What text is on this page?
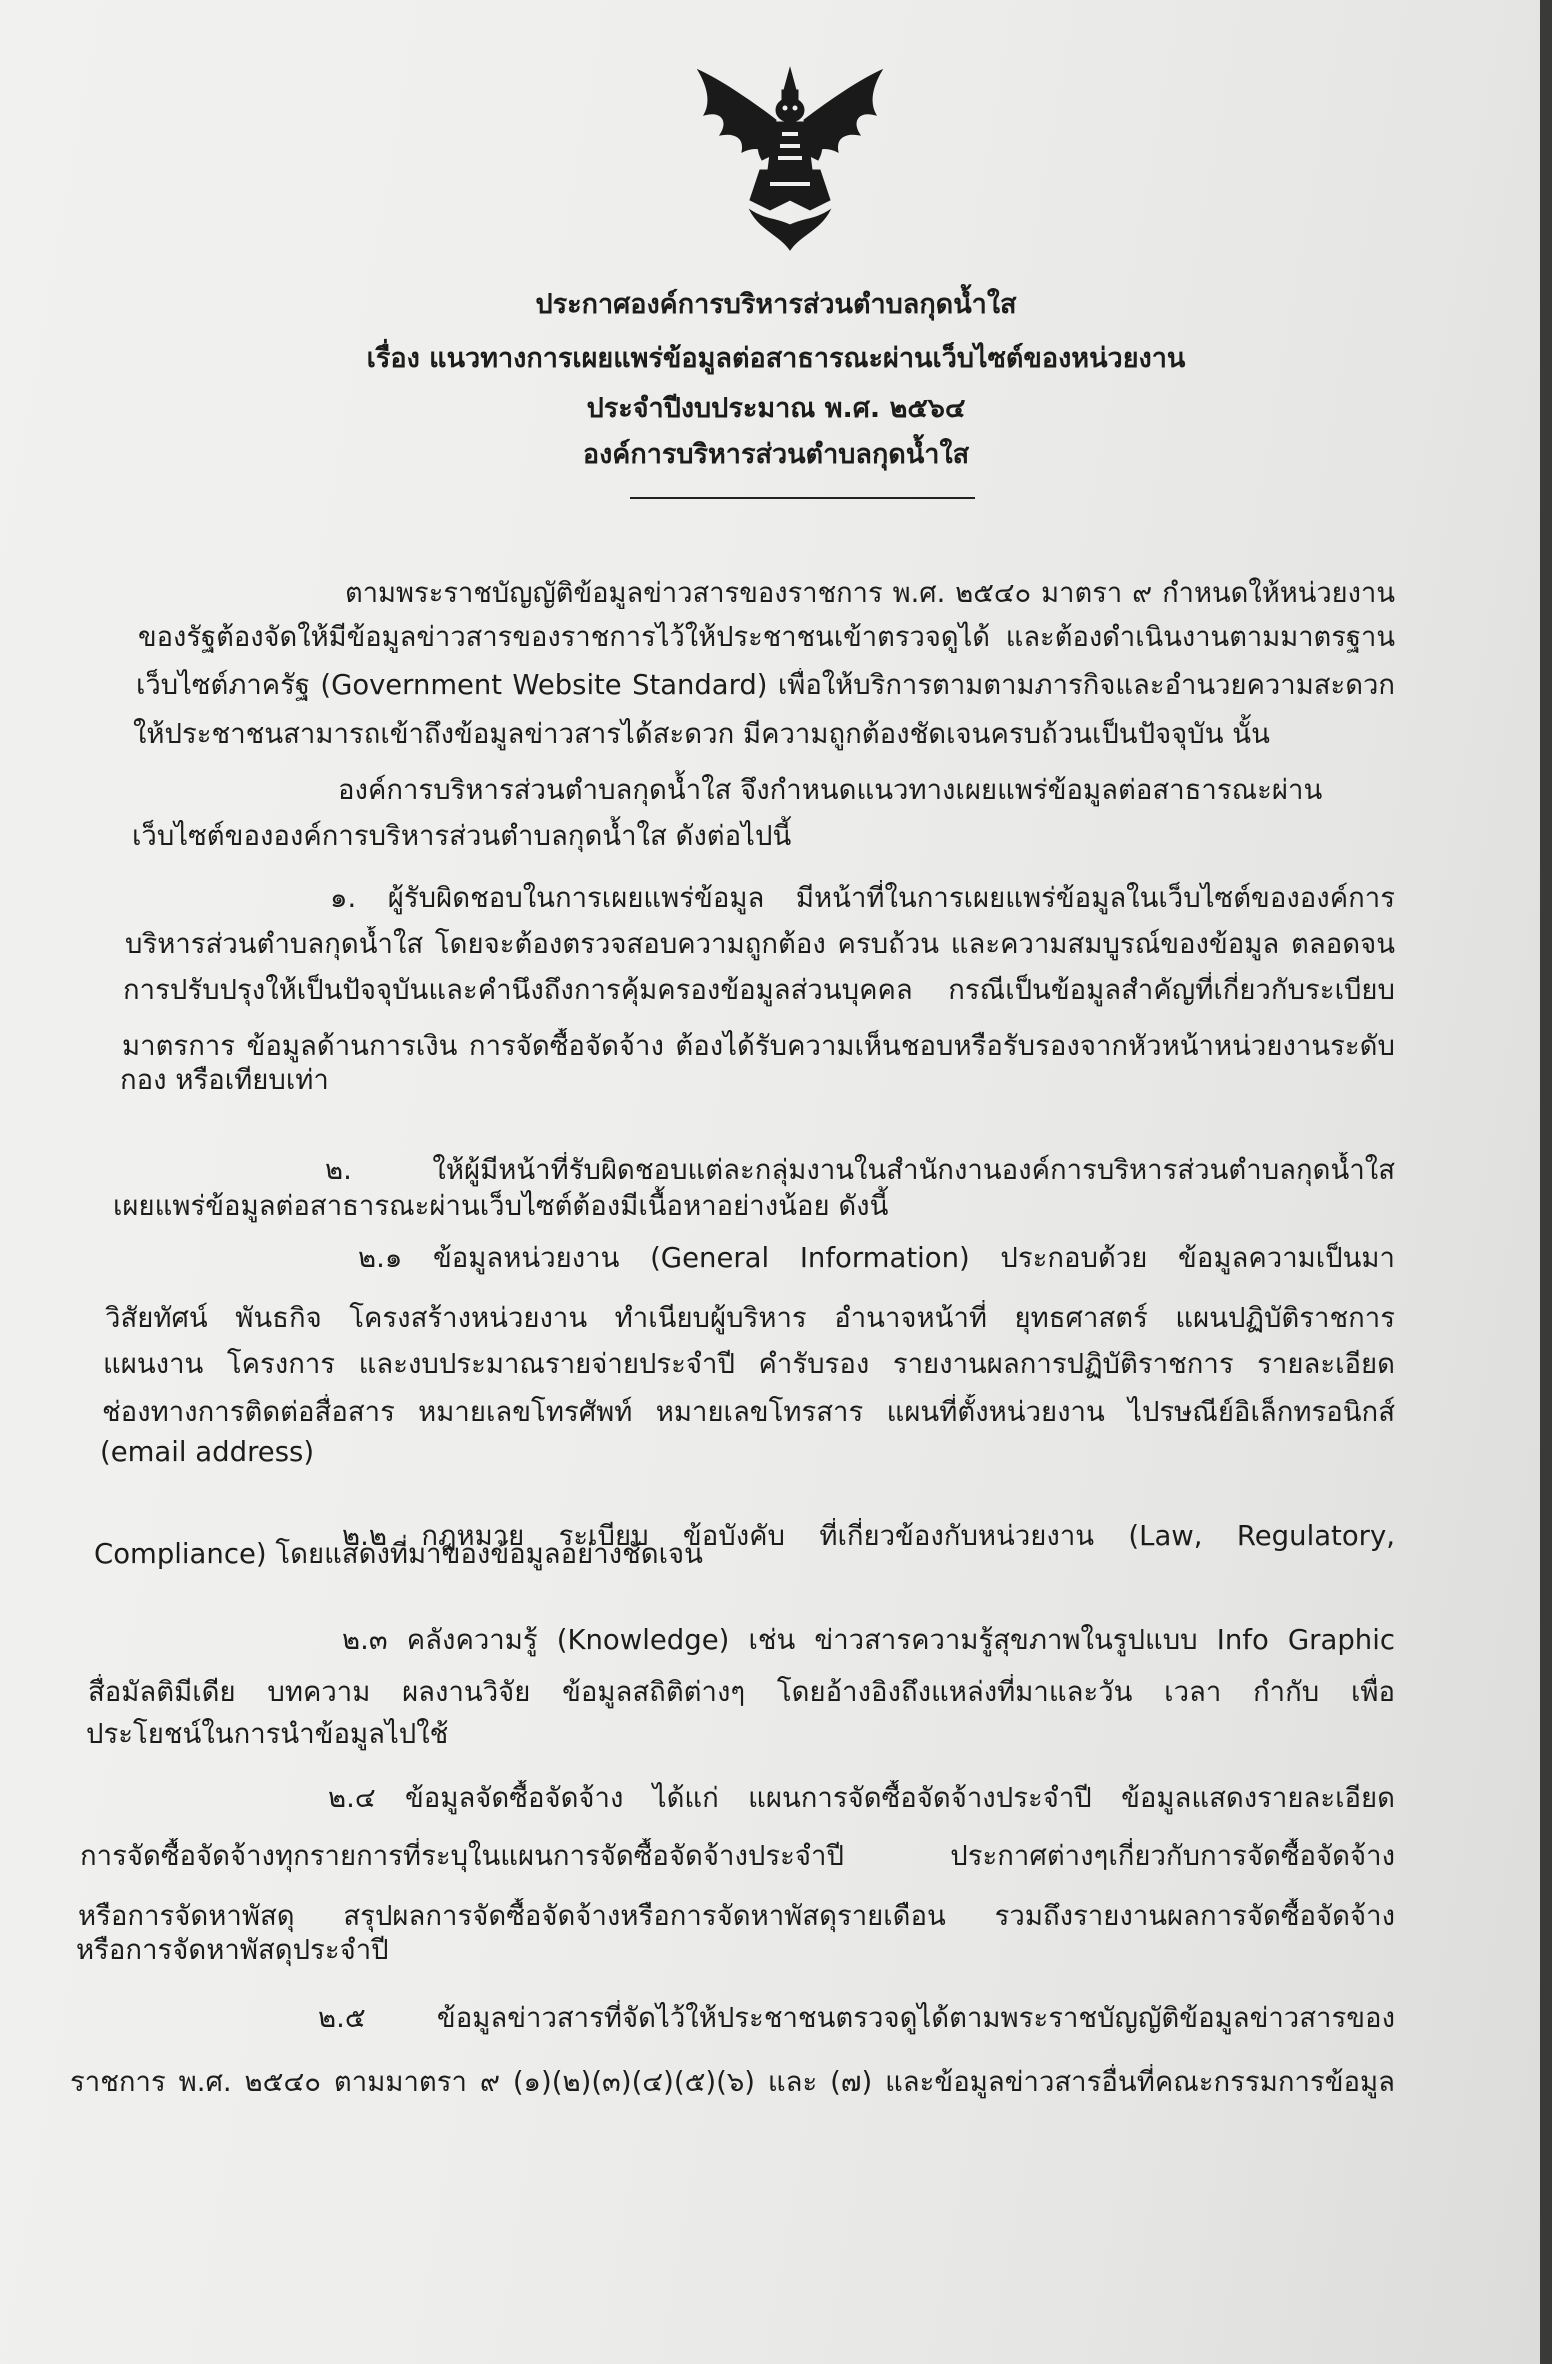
ประกาศองค์การบริหารส่วนตำบลกุดน้ำใส
เรื่อง แนวทางการเผยแพร่ข้อมูลต่อสาธารณะผ่านเว็บไซต์ของหน่วยงาน
ประจำปีงบประมาณ พ.ศ. ๒๕๖๔
องค์การบริหารส่วนตำบลกุดน้ำใส
ตามพระราชบัญญัติข้อมูลข่าวสารของราชการ พ.ศ. ๒๕๔๐ มาตรา ๙ กำหนดให้หน่วยงาน
ของรัฐต้องจัดให้มีข้อมูลข่าวสารของราชการไว้ให้ประชาชนเข้าตรวจดูได้ และต้องดำเนินงานตามมาตรฐาน
เว็บไซต์ภาครัฐ (Government Website Standard) เพื่อให้บริการตามตามภารกิจและอำนวยความสะดวก
ให้ประชาชนสามารถเข้าถึงข้อมูลข่าวสารได้สะดวก มีความถูกต้องชัดเจนครบถ้วนเป็นปัจจุบัน นั้น
องค์การบริหารส่วนตำบลกุดน้ำใส จึงกำหนดแนวทางเผยแพร่ข้อมูลต่อสาธารณะผ่าน
เว็บไซต์ขององค์การบริหารส่วนตำบลกุดน้ำใส ดังต่อไปนี้
๑. ผู้รับผิดชอบในการเผยแพร่ข้อมูล มีหน้าที่ในการเผยแพร่ข้อมูลในเว็บไซต์ขององค์การ
บริหารส่วนตำบลกุดน้ำใส โดยจะต้องตรวจสอบความถูกต้อง ครบถ้วน และความสมบูรณ์ของข้อมูล ตลอดจน
การปรับปรุงให้เป็นปัจจุบันและคำนึงถึงการคุ้มครองข้อมูลส่วนบุคคล กรณีเป็นข้อมูลสำคัญที่เกี่ยวกับระเบียบ
มาตรการ ข้อมูลด้านการเงิน การจัดซื้อจัดจ้าง ต้องได้รับความเห็นชอบหรือรับรองจากหัวหน้าหน่วยงานระดับ
กอง หรือเทียบเท่า
๒. ให้ผู้มีหน้าที่รับผิดชอบแต่ละกลุ่มงานในสำนักงานองค์การบริหารส่วนตำบลกุดน้ำใส
เผยแพร่ข้อมูลต่อสาธารณะผ่านเว็บไซต์ต้องมีเนื้อหาอย่างน้อย ดังนี้
๒.๑ ข้อมูลหน่วยงาน (General Information) ประกอบด้วย ข้อมูลความเป็นมา
วิสัยทัศน์ พันธกิจ โครงสร้างหน่วยงาน ทำเนียบผู้บริหาร อำนาจหน้าที่ ยุทธศาสตร์ แผนปฏิบัติราชการ
แผนงาน โครงการ และงบประมาณรายจ่ายประจำปี คำรับรอง รายงานผลการปฏิบัติราชการ รายละเอียด
ช่องทางการติดต่อสื่อสาร หมายเลขโทรศัพท์ หมายเลขโทรสาร แผนที่ตั้งหน่วยงาน ไปรษณีย์อิเล็กทรอนิกส์
(email address)
๒.๒ กฎหมาย ระเบียบ ข้อบังคับ ที่เกี่ยวข้องกับหน่วยงาน (Law, Regulatory,
Compliance) โดยแสดงที่มาของข้อมูลอย่างชัดเจน
๒.๓ คลังความรู้ (Knowledge) เช่น ข่าวสารความรู้สุขภาพในรูปแบบ Info Graphic
สื่อมัลติมีเดีย บทความ ผลงานวิจัย ข้อมูลสถิติต่างๆ โดยอ้างอิงถึงแหล่งที่มาและวัน เวลา กำกับ เพื่อ
ประโยชน์ในการนำข้อมูลไปใช้
๒.๔ ข้อมูลจัดซื้อจัดจ้าง ได้แก่ แผนการจัดซื้อจัดจ้างประจำปี ข้อมูลแสดงรายละเอียด
การจัดซื้อจัดจ้างทุกรายการที่ระบุในแผนการจัดซื้อจัดจ้างประจำปี ประกาศต่างๆเกี่ยวกับการจัดซื้อจัดจ้าง
หรือการจัดหาพัสดุ สรุปผลการจัดซื้อจัดจ้างหรือการจัดหาพัสดุรายเดือน รวมถึงรายงานผลการจัดซื้อจัดจ้าง
หรือการจัดหาพัสดุประจำปี
๒.๕ ข้อมูลข่าวสารที่จัดไว้ให้ประชาชนตรวจดูได้ตามพระราชบัญญัติข้อมูลข่าวสารของ
ราชการ พ.ศ. ๒๕๔๐ ตามมาตรา ๙ (๑)(๒)(๓)(๔)(๕)(๖) และ (๗) และข้อมูลข่าวสารอื่นที่คณะกรรมการข้อมูล
